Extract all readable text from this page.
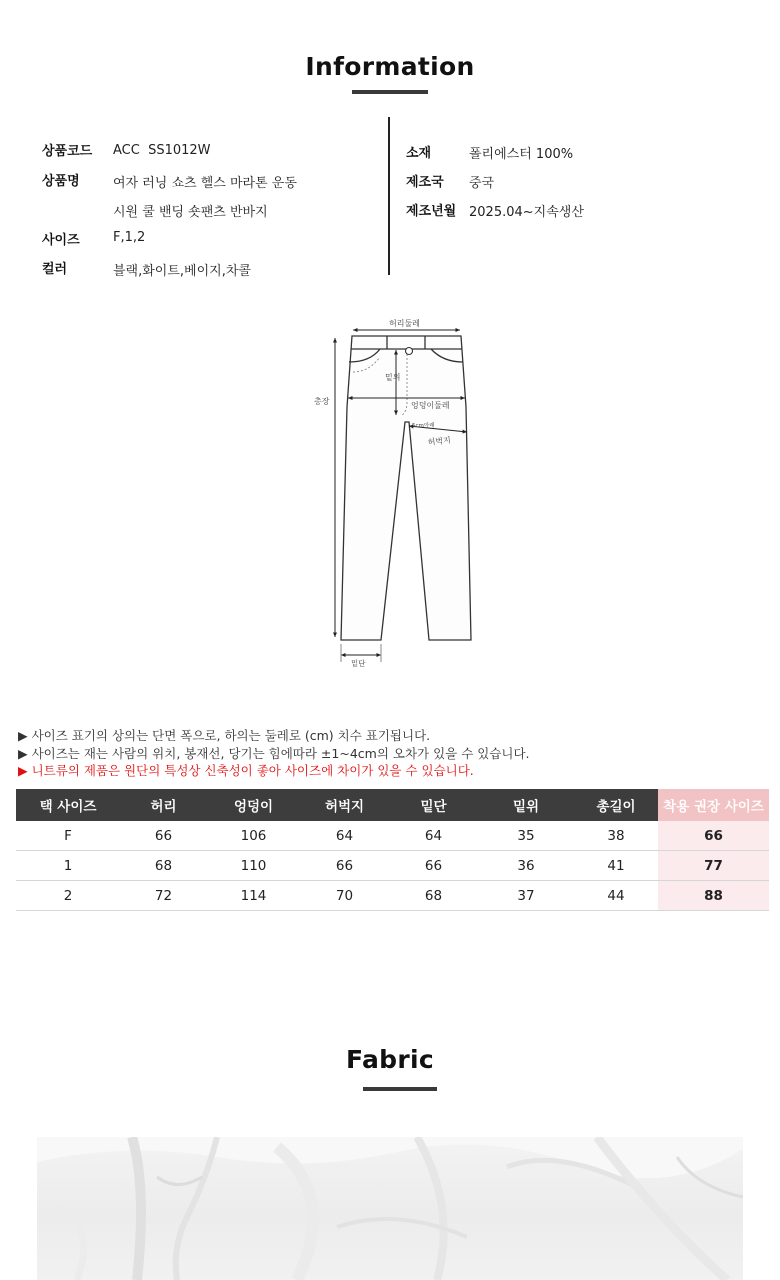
Information
상품코드 ACC  SS1012W
상품명	여자 러닝 쇼츠 헬스 마라톤 운동
시원 쿨 밴딩 숏팬츠 반바지
사이즈	F,1,2
컬러	블랙,화이트,베이지,차콜
소재	폴리에스터 100%
제조국 중국
제조년월 2025.04~지속생산
허리둘레
총장
밑위
엉덩이둘레
5cm아래
허벅지
밑단
▶ 사이즈 표기의 상의는 단면 폭으로, 하의는 둘레로 (cm) 치수 표기됩니다.
▶ 사이즈는 재는 사람의 위치, 봉재선, 당기는 힘에따라 ±1~4cm의 오차가 있을 수 있습니다.
▶ 니트류의 제품은 원단의 특성상 신축성이 좋아 사이즈에 차이가 있을 수 있습니다.
택 사이즈	허리	엉덩이	허벅지	밑단	밑위	총길이	착용 권장 사이즈
F	66	106	64	64	35	38	66
1	68	110	66	66	36	41	77
2	72	114	70	68	37	44	88
Fabric
